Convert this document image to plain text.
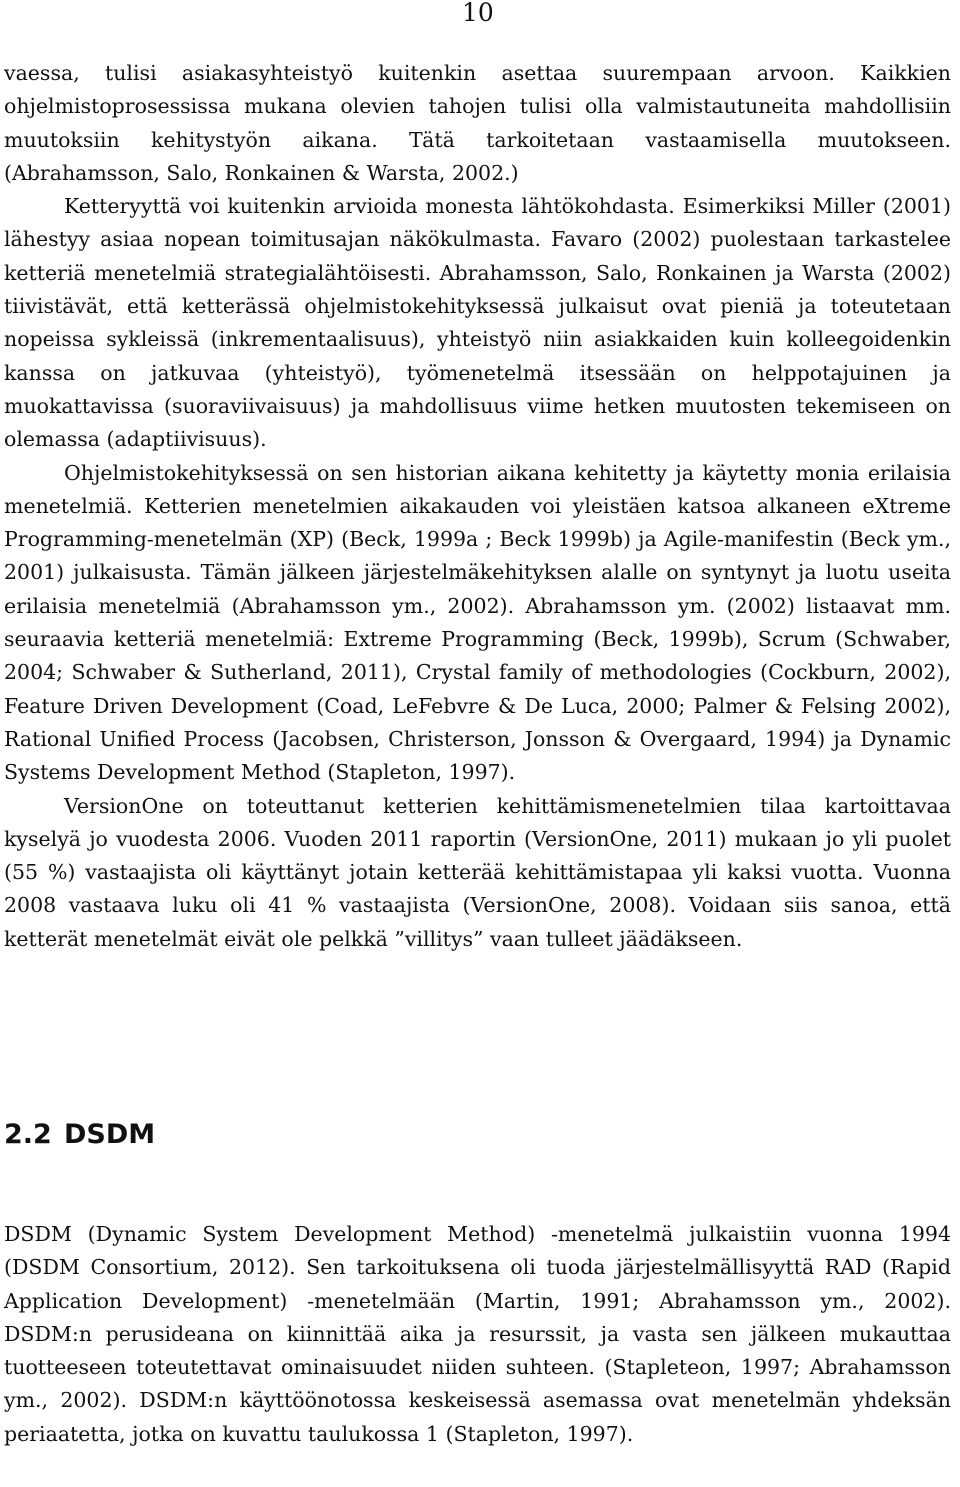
10

vaessa, tulisi asiakasyhteistyö kuitenkin asettaa suurempaan arvoon. Kaikkien ohjelmistoprosessissa mukana olevien tahojen tulisi olla valmistautuneita mahdollisiin muutoksiin kehitystyön aikana. Tätä tarkoitetaan vastaamisella muutokseen. (Abrahamsson, Salo, Ronkainen & Warsta, 2002.)

Ketteryyttä voi kuitenkin arvioida monesta lähtökohdasta. Esimerkiksi Miller (2001) lähestyy asiaa nopean toimitusajan näkökulmasta. Favaro (2002) puolestaan tarkastelee ketteriä menetelmiä strategialähtöisesti. Abrahamsson, Salo, Ronkainen ja Warsta (2002) tiivistävät, että ketterässä ohjelmistokehityksessä julkaisut ovat pieniä ja toteutetaan nopeissa sykleissä (inkrementaalisuus), yhteistyö niin asiakkaiden kuin kolleegoidenkin kanssa on jatkuvaa (yhteistyö), työmenetelmä itsessään on helppotajuinen ja muokattavissa (suoraviivaisuus) ja mahdollisuus viime hetken muutosten tekemiseen on olemassa (adaptiivisuus).

Ohjelmistokehityksessä on sen historian aikana kehitetty ja käytetty monia erilaisia menetelmiä. Ketterien menetelmien aikakauden voi yleistäen katsoa alkaneen eXtreme Programming-menetelmän (XP) (Beck, 1999a ; Beck 1999b) ja Agile-manifestin (Beck ym., 2001) julkaisusta. Tämän jälkeen järjestelmäkehityksen alalle on syntynyt ja luotu useita erilaisia menetelmiä (Abrahamsson ym., 2002). Abrahamsson ym. (2002) listaavat mm. seuraavia ketteriä menetelmiä: Extreme Programming (Beck, 1999b), Scrum (Schwaber, 2004; Schwaber & Sutherland, 2011), Crystal family of methodologies (Cockburn, 2002), Feature Driven Development (Coad, LeFebvre & De Luca, 2000; Palmer & Felsing 2002), Rational Unified Process (Jacobsen, Christerson, Jonsson & Overgaard, 1994) ja Dynamic Systems Development Method (Stapleton, 1997).

VersionOne on toteuttanut ketterien kehittämismenetelmien tilaa kartoittavaa kyselyä jo vuodesta 2006. Vuoden 2011 raportin (VersionOne, 2011) mukaan jo yli puolet (55 %) vastaajista oli käyttänyt jotain ketterää kehittämistapaa yli kaksi vuotta. Vuonna 2008 vastaava luku oli 41 % vastaajista (VersionOne, 2008). Voidaan siis sanoa, että ketterät menetelmät eivät ole pelkkä ”villitys” vaan tulleet jäädäkseen.

2.2 DSDM

DSDM (Dynamic System Development Method) -menetelmä julkaistiin vuonna 1994 (DSDM Consortium, 2012). Sen tarkoituksena oli tuoda järjestelmällisyyttä RAD (Rapid Application Development) -menetelmään (Martin, 1991; Abrahamsson ym., 2002). DSDM:n perusideana on kiinnittää aika ja resurssit, ja vasta sen jälkeen mukauttaa tuotteeseen toteutettavat ominaisuudet niiden suhteen. (Stapleteon, 1997; Abrahamsson ym., 2002). DSDM:n käyttöönotossa keskeisessä asemassa ovat menetelmän yhdeksän periaatetta, jotka on kuvattu taulukossa 1 (Stapleton, 1997).
